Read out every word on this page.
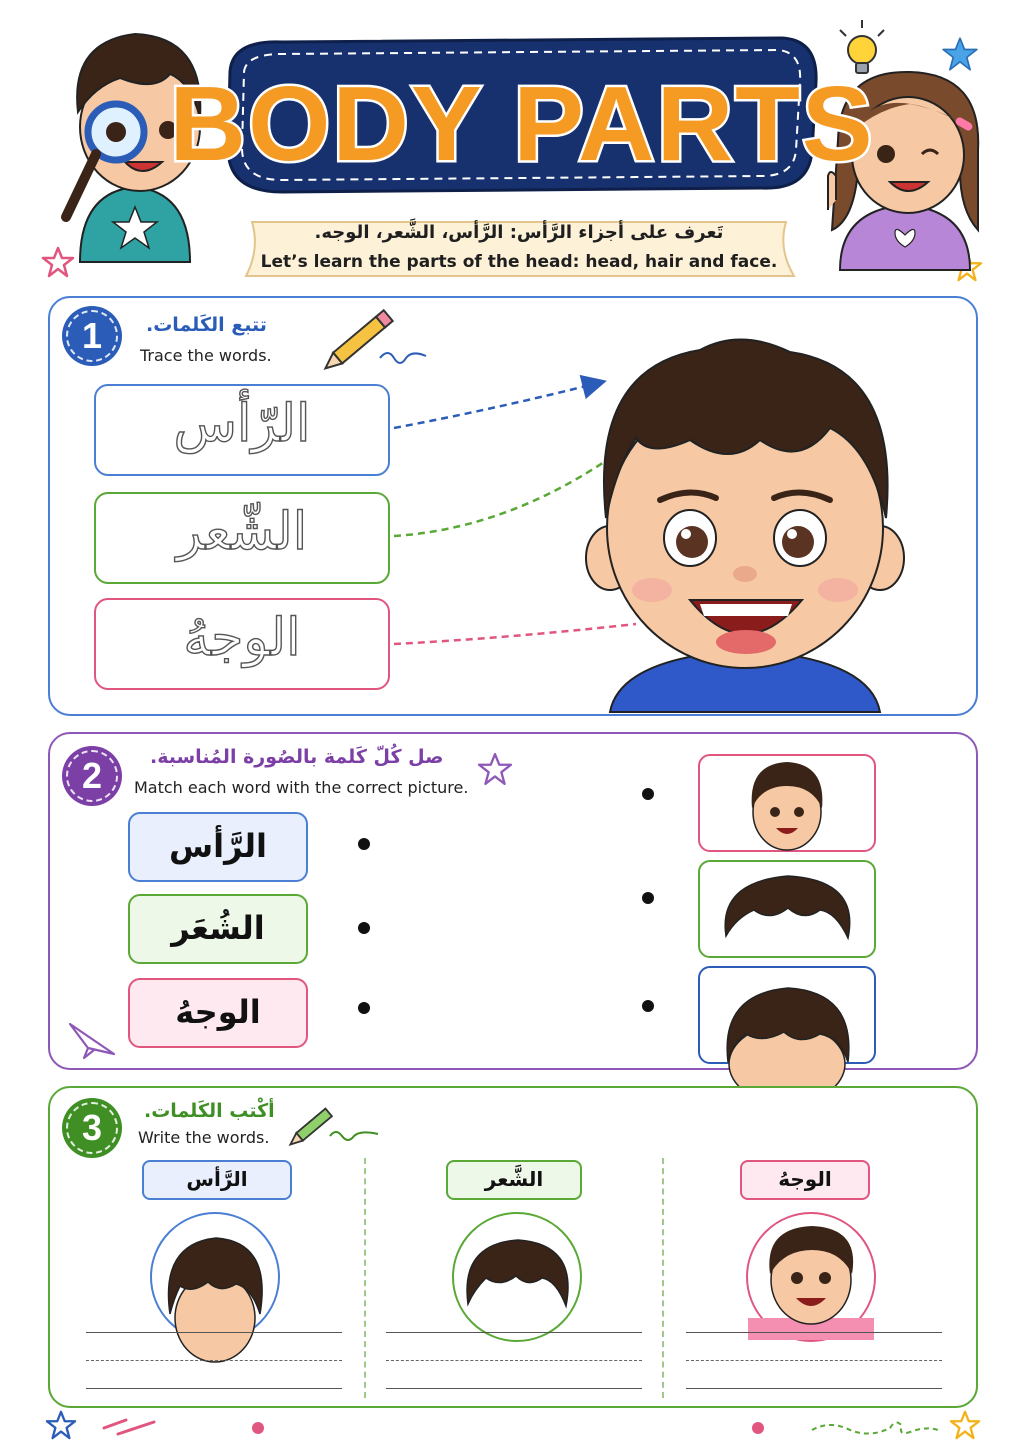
BODY PARTS
تَعرف على أجزاء الرَّأس: الرَّأس، الشَّعر، الوجه.
Let’s learn the parts of the head: head, hair and face.
1	تتبع الكَلمات.
Trace the words.
الرّأس
الشّعر
الوجهُ
2	صل كُلّ كَلمة بالصُورة المُناسبة.
Match each word with the correct picture.
الرَّأس
الشُعَر
الوجهُ
3	أكْتب الكَلمات.
Write the words.
الرَّأس	الشَّعر	الوجهُ
